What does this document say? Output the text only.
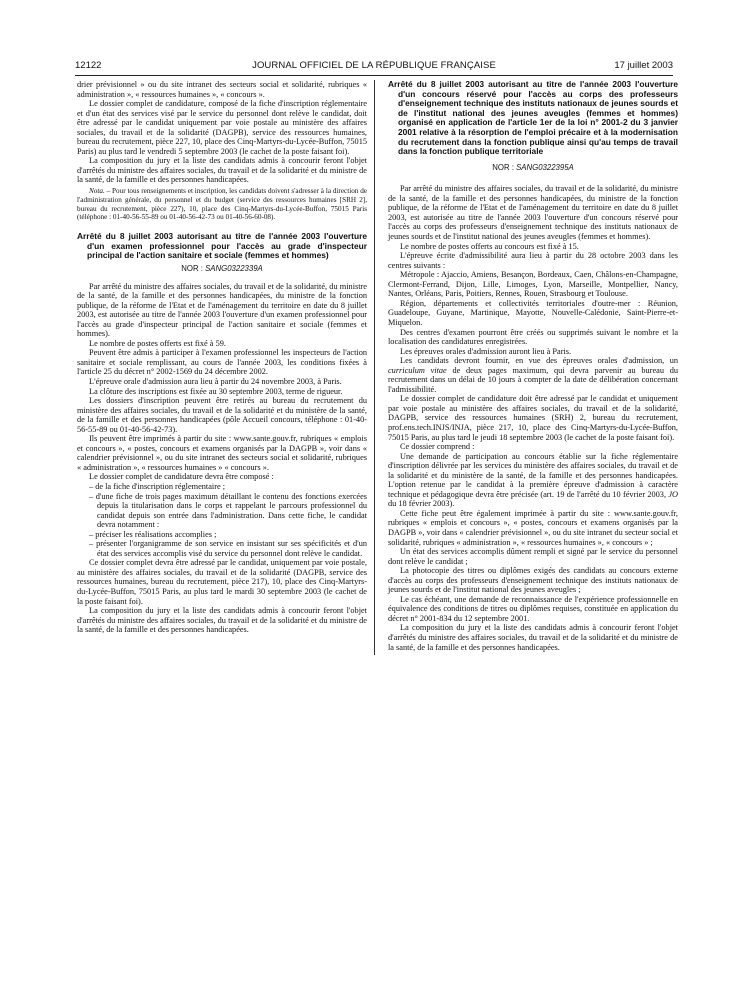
12122	JOURNAL OFFICIEL DE LA RÉPUBLIQUE FRANÇAISE	17 juillet 2003

drier prévisionnel » ou du site intranet des secteurs social et solidarité, rubriques « administration », « ressources humaines », « concours ».

Le dossier complet de candidature, composé de la fiche d'inscription réglementaire et d'un état des services visé par le service du personnel dont relève le candidat, doit être adressé par le candidat uniquement par voie postale au ministère des affaires sociales, du travail et de la solidarité (DAGPB), service des ressources humaines, bureau du recrutement, pièce 227, 10, place des Cinq-Martyrs-du-Lycée-Buffon, 75015 Paris) au plus tard le vendredi 5 septembre 2003 (le cachet de la poste faisant foi).

La composition du jury et la liste des candidats admis à concourir feront l'objet d'arrêtés du ministre des affaires sociales, du travail et de la solidarité et du ministre de la santé, de la famille et des personnes handicapées.

Nota. – Pour tous renseignements et inscription, les candidats doivent s'adresser à la direction de l'administration générale, du personnel et du budget (service des ressources humaines [SRH 2], bureau du recrutement, pièce 227), 10, place des Cinq-Martyrs-du-Lycée-Buffon, 75015 Paris (téléphone : 01-40-56-55-89 ou 01-40-56-42-73 ou 01-40-56-60-08).

Arrêté du 8 juillet 2003 autorisant au titre de l'année 2003 l'ouverture d'un examen professionnel pour l'accès au grade d'inspecteur principal de l'action sanitaire et sociale (femmes et hommes)

NOR : SANG0322339A

Par arrêté du ministre des affaires sociales, du travail et de la solidarité, du ministre de la santé, de la famille et des personnes handicapées, du ministre de la fonction publique, de la réforme de l'Etat et de l'aménagement du territoire en date du 8 juillet 2003, est autorisée au titre de l'année 2003 l'ouverture d'un examen professionnel pour l'accès au grade d'inspecteur principal de l'action sanitaire et sociale (femmes et hommes).

Le nombre de postes offerts est fixé à 59.

Peuvent être admis à participer à l'examen professionnel les inspecteurs de l'action sanitaire et sociale remplissant, au cours de l'année 2003, les conditions fixées à l'article 25 du décret n° 2002-1569 du 24 décembre 2002.

L'épreuve orale d'admission aura lieu à partir du 24 novembre 2003, à Paris.

La clôture des inscriptions est fixée au 30 septembre 2003, terme de rigueur.

Les dossiers d'inscription peuvent être retirés au bureau du recrutement du ministère des affaires sociales, du travail et de la solidarité et du ministère de la santé, de la famille et des personnes handicapées (pôle Accueil concours, téléphone : 01-40-56-55-89 ou 01-40-56-42-73).

Ils peuvent être imprimés à partir du site : www.sante.gouv.fr, rubriques « emplois et concours », « postes, concours et examens organisés par la DAGPB », voir dans « calendrier prévisionnel », ou du site intranet des secteurs social et solidarité, rubriques « administration », « ressources humaines » « concours ».

Le dossier complet de candidature devra être composé :

– de la fiche d'inscription réglementaire ;

– d'une fiche de trois pages maximum détaillant le contenu des fonctions exercées depuis la titularisation dans le corps et rappelant le parcours professionnel du candidat depuis son entrée dans l'administration. Dans cette fiche, le candidat devra notamment :

– préciser les réalisations accomplies ;

– présenter l'organigramme de son service en insistant sur ses spécificités et d'un état des services accomplis visé du service du personnel dont relève le candidat.

Ce dossier complet devra être adressé par le candidat, uniquement par voie postale, au ministère des affaires sociales, du travail et de la solidarité (DAGPB, service des ressources humaines, bureau du recrutement, pièce 217), 10, place des Cinq-Martyrs-du-Lycée-Buffon, 75015 Paris, au plus tard le mardi 30 septembre 2003 (le cachet de la poste faisant foi).

La composition du jury et la liste des candidats admis à concourir feront l'objet d'arrêtés du ministre des affaires sociales, du travail et de la solidarité et du ministre de la santé, de la famille et des personnes handicapées.

Arrêté du 8 juillet 2003 autorisant au titre de l'année 2003 l'ouverture d'un concours réservé pour l'accès au corps des professeurs d'enseignement technique des instituts nationaux de jeunes sourds et de l'institut national des jeunes aveugles (femmes et hommes) organisé en application de l'article 1er de la loi n° 2001-2 du 3 janvier 2001 relative à la résorption de l'emploi précaire et à la modernisation du recrutement dans la fonction publique ainsi qu'au temps de travail dans la fonction publique territoriale

NOR : SANG0322395A

Par arrêté du ministre des affaires sociales, du travail et de la solidarité, du ministre de la santé, de la famille et des personnes handicapées, du ministre de la fonction publique, de la réforme de l'Etat et de l'aménagement du territoire en date du 8 juillet 2003, est autorisée au titre de l'année 2003 l'ouverture d'un concours réservé pour l'accès au corps des professeurs d'enseignement technique des instituts nationaux de jeunes sourds et de l'institut national des jeunes aveugles (femmes et hommes).

Le nombre de postes offerts au concours est fixé à 15.

L'épreuve écrite d'admissibilité aura lieu à partir du 28 octobre 2003 dans les centres suivants :

Métropole : Ajaccio, Amiens, Besançon, Bordeaux, Caen, Châlons-en-Champagne, Clermont-Ferrand, Dijon, Lille, Limoges, Lyon, Marseille, Montpellier, Nancy, Nantes, Orléans, Paris, Poitiers, Rennes, Rouen, Strasbourg et Toulouse.

Région, départements et collectivités territoriales d'outre-mer : Réunion, Guadeloupe, Guyane, Martinique, Mayotte, Nouvelle-Calédonie, Saint-Pierre-et-Miquelon.

Des centres d'examen pourront être créés ou supprimés suivant le nombre et la localisation des candidatures enregistrées.

Les épreuves orales d'admission auront lieu à Paris.

Les candidats devront fournir, en vue des épreuves orales d'admission, un curriculum vitae de deux pages maximum, qui devra parvenir au bureau du recrutement dans un délai de 10 jours à compter de la date de délibération concernant l'admissibilité.

Le dossier complet de candidature doit être adressé par le candidat et uniquement par voie postale au ministère des affaires sociales, du travail et de la solidarité, DAGPB, service des ressources humaines (SRH) 2, bureau du recrutement, prof.ens.tech.INJS/INJA, pièce 217, 10, place des Cinq-Martyrs-du-Lycée-Buffon, 75015 Paris, au plus tard le jeudi 18 septembre 2003 (le cachet de la poste faisant foi).

Ce dossier comprend :

Une demande de participation au concours établie sur la fiche réglementaire d'inscription délivrée par les services du ministère des affaires sociales, du travail et de la solidarité et du ministère de la santé, de la famille et des personnes handicapées. L'option retenue par le candidat à la première épreuve d'admission à caractère technique et pédagogique devra être précisée (art. 19 de l'arrêté du 10 février 2003, JO du 18 février 2003).

Cette fiche peut être également imprimée à partir du site : www.sante.gouv.fr, rubriques « emplois et concours », « postes, concours et examens organisés par la DAGPB », voir dans « calendrier prévisionnel », ou du site intranet du secteur social et solidarité, rubriques « administration », « ressources humaines », « concours » ;

Un état des services accomplis dûment rempli et signé par le service du personnel dont relève le candidat ;

La photocopie des titres ou diplômes exigés des candidats au concours externe d'accès au corps des professeurs d'enseignement technique des instituts nationaux de jeunes sourds et de l'institut national des jeunes aveugles ;

Le cas échéant, une demande de reconnaissance de l'expérience professionnelle en équivalence des conditions de titres ou diplômes requises, constituée en application du décret n° 2001-834 du 12 septembre 2001.

La composition du jury et la liste des candidats admis à concourir feront l'objet d'arrêtés du ministre des affaires sociales, du travail et de la solidarité et du ministre de la santé, de la famille et des personnes handicapées.
